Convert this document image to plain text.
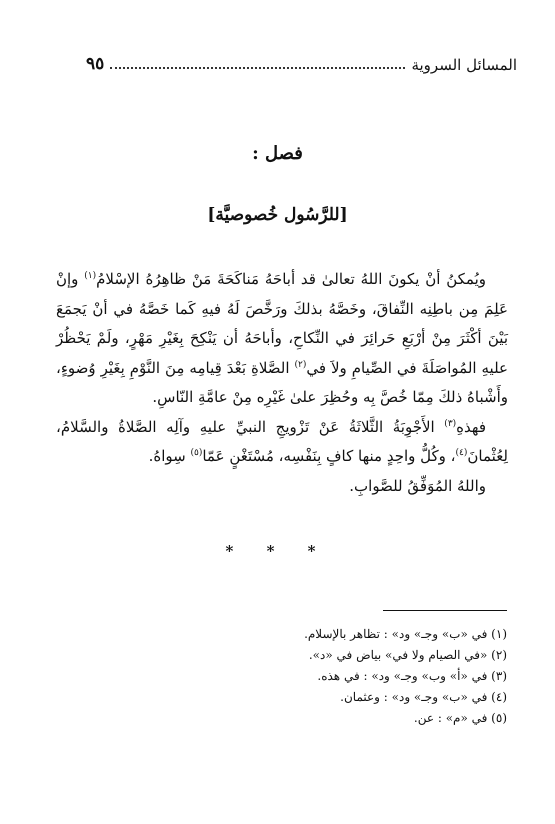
المسائل السروية
٩٥
فصل :
[للرَّسُول خُصوصيَّة]

ويُمكنُ أنْ يكونَ اللهُ تعالىٰ قد أباحَهُ مَناكَحَةَ مَنْ ظاهِرُهُ الإسْلامُ$^{(١)}$ وإنْ عَلِمَ مِن باطِنِه النِّفاقَ، وخَصَّهُ بذلكَ ورَخَّصَ لَهُ فيهِ كَما خَصَّهُ في أنْ يَجمَعَ بَيْنَ أكْثَرَ مِنْ أرْبَعِ حَرائِرَ في النِّكاحِ، وأباحَهُ أن يَنْكِحَ بِغَيْرِ مَهْرٍ، ولَمْ يَحْظُرْ عليهِ المُواصَلَةَ في الصِّيامِ ولاَ في$^{(٢)}$ الصَّلاةِ بَعْدَ قِيامِه مِنَ النَّوْمِ بِغَيْرِ وُضوءٍ، وأَشْباهُ ذلكَ مِمّا خُصَّ بِه وحُظِرَ علىٰ غَيْرِه مِنْ عامَّةِ النّاسِ.

فهذهِ$^{(٣)}$ الأَجْوِبَةُ الثَّلاثَةُ عَنْ تَزْويجِ النبيِّ عليهِ وآلِه الصَّلاةُ والسَّلامُ، لِعُثْمانَ$^{(٤)}$، وكُلُّ واحِدٍ منها كافٍ بِنَفْسِه، مُسْتَغْنٍ عَمّا$^{(٥)}$ سِواهُ.

واللهُ المُوَفِّقُ للصَّوابِ.

* * *
(١) في «ب» وجـ» ود» : تظاهر بالإسلام.
(٢) «في الصيام ولا في» بياض في «د».
(٣) في «أ» وب» وجـ» ود» : في هذه.
(٤) في «ب» وجـ» ود» : وعثمان.
(٥) في «م» : عن.
